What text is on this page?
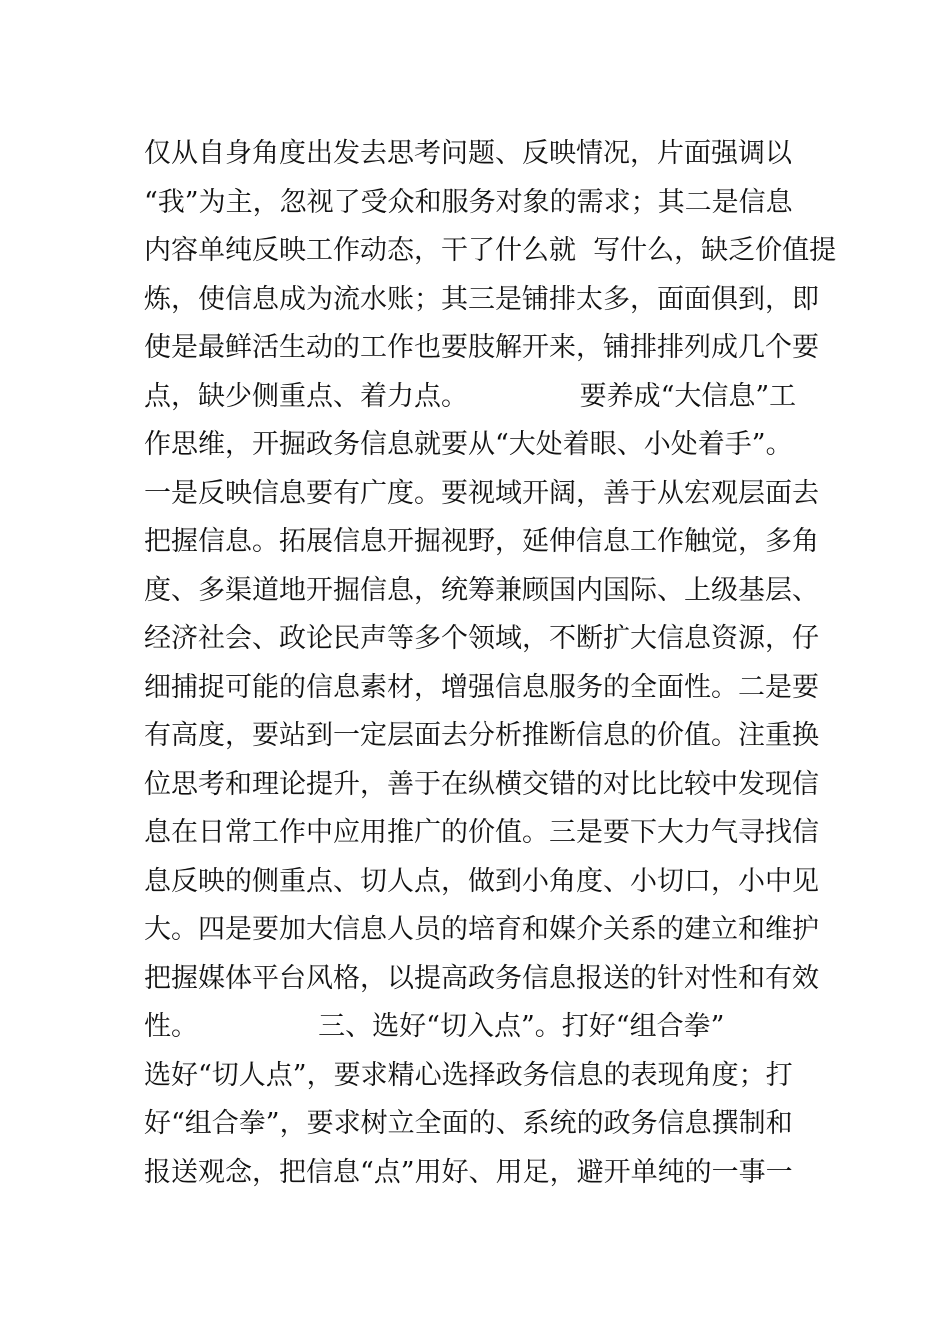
仅从自身角度出发去思考问题、反映情况，片面强调以
“我”为主，忽视了受众和服务对象的需求；其二是信息
内容单纯反映工作动态，干了什么就  写什么，缺乏价值提
炼，使信息成为流水账；其三是铺排太多，面面俱到，即
使是最鲜活生动的工作也要肢解开来，铺排排列成几个要
点，缺少侧重点、着力点。             要养成“大信息”工
作思维，开掘政务信息就要从“大处着眼、小处着手”。
一是反映信息要有广度。要视域开阔，善于从宏观层面去
把握信息。拓展信息开掘视野，延伸信息工作触觉，多角
度、多渠道地开掘信息，统筹兼顾国内国际、上级基层、
经济社会、政论民声等多个领域，不断扩大信息资源，仔
细捕捉可能的信息素材，增强信息服务的全面性。二是要
有高度，要站到一定层面去分析推断信息的价值。注重换
位思考和理论提升，善于在纵横交错的对比比较中发现信
息在日常工作中应用推广的价值。三是要下大力气寻找信
息反映的侧重点、切人点，做到小角度、小切口，小中见
大。四是要加大信息人员的培育和媒介关系的建立和维护
把握媒体平台风格，以提高政务信息报送的针对性和有效
性。              三、选好“切入点”。打好“组合拳”
选好“切人点”，要求精心选择政务信息的表现角度；打
好“组合拳”，要求树立全面的、系统的政务信息撰制和
报送观念，把信息“点”用好、用足，避开单纯的一事一
